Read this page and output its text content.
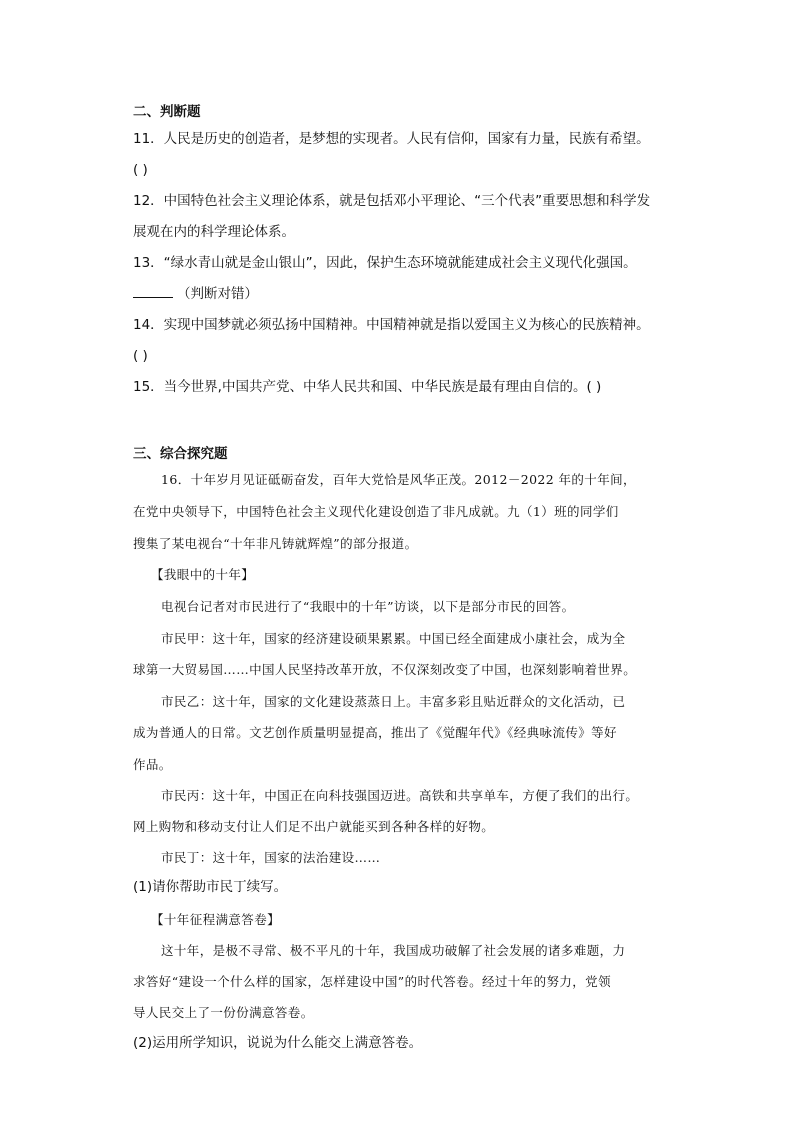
二、判断题
11．人民是历史的创造者，是梦想的实现者。人民有信仰，国家有力量，民族有希望。
( )
12．中国特色社会主义理论体系，就是包括邓小平理论、“三个代表”重要思想和科学发
展观在内的科学理论体系。
13．“绿水青山就是金山银山”，因此，保护生态环境就能建成社会主义现代化强国。
（判断对错）
14．实现中国梦就必须弘扬中国精神。中国精神就是指以爱国主义为核心的民族精神。
( )
15．当今世界,中国共产党、中华人民共和国、中华民族是最有理由自信的。( )
三、综合探究题
16．十年岁月见证砥砺奋发，百年大党恰是风华正茂。2012－2022 年的十年间，
在党中央领导下，中国特色社会主义现代化建设创造了非凡成就。九（1）班的同学们
搜集了某电视台“十年非凡铸就辉煌”的部分报道。
【我眼中的十年】
电视台记者对市民进行了“我眼中的十年”访谈，以下是部分市民的回答。
市民甲：这十年，国家的经济建设硕果累累。中国已经全面建成小康社会，成为全
球第一大贸易国……中国人民坚持改革开放，不仅深刻改变了中国，也深刻影响着世界。
市民乙：这十年，国家的文化建设蒸蒸日上。丰富多彩且贴近群众的文化活动，已
成为普通人的日常。文艺创作质量明显提高，推出了《觉醒年代》《经典咏流传》等好
作品。
市民丙：这十年，中国正在向科技强国迈进。高铁和共享单车，方便了我们的出行。
网上购物和移动支付让人们足不出户就能买到各种各样的好物。
市民丁：这十年，国家的法治建设……
(1)请你帮助市民丁续写。
【十年征程满意答卷】
这十年，是极不寻常、极不平凡的十年，我国成功破解了社会发展的诸多难题，力
求答好“建设一个什么样的国家，怎样建设中国”的时代答卷。经过十年的努力，党领
导人民交上了一份份满意答卷。
(2)运用所学知识，说说为什么能交上满意答卷。
